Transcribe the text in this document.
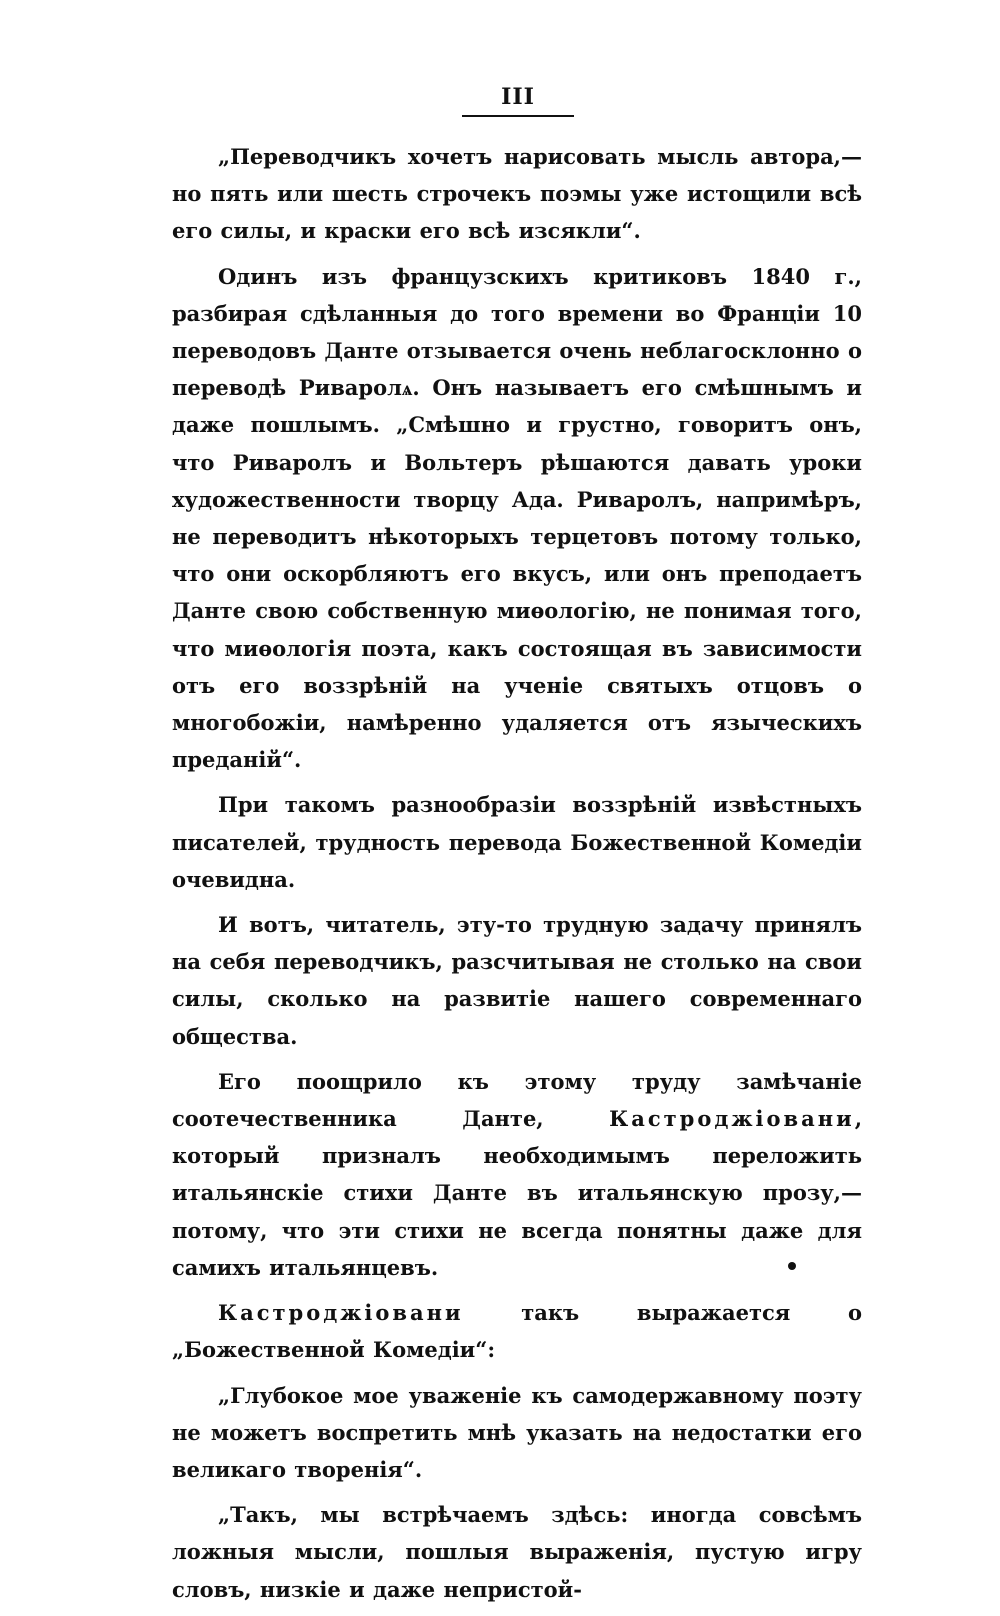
III

„Переводчикъ хочетъ нарисовать мысль автора,—но пять или шесть строчекъ поэмы уже истощили всѣ его силы, и краски его всѣ изсякли“.

Одинъ изъ французскихъ критиковъ 1840 г., разбирая сдѣланныя до того времени во Франціи 10 переводовъ Данте отзывается очень неблагосклонно о переводѣ Риваролѧ. Онъ называетъ его смѣшнымъ и даже пошлымъ. „Смѣшно и грустно, говоритъ онъ, что Риваролъ и Вольтеръ рѣшаются давать уроки художественности творцу Ада. Риваролъ, напримѣръ, не переводитъ нѣкоторыхъ терцетовъ потому только, что они оскорбляютъ его вкусъ, или онъ преподаетъ Данте свою собственную миѳологію, не понимая того, что миѳологія поэта, какъ состоящая въ зависимости отъ его воззрѣній на ученіе святыхъ отцовъ о многобожіи, намѣренно удаляется отъ языческихъ преданій“.

При такомъ разнообразіи воззрѣній извѣстныхъ писателей, трудность перевода Божественной Комедіи очевидна.

И вотъ, читатель, эту-то трудную задачу принялъ на себя переводчикъ, разсчитывая не столько на свои силы, сколько на развитіе нашего современнаго общества.

Его поощрило къ этому труду замѣчаніе соотечественника Данте, Кастроджіовани, который призналъ необходимымъ переложить итальянскіе стихи Данте въ итальянскую прозу,—потому, что эти стихи не всегда понятны даже для самихъ итальянцевъ.

Кастроджіовани такъ выражается о „Божественной Комедіи“:

„Глубокое мое уваженіе къ самодержавному поэту не можетъ воспретить мнѣ указать на недостатки его великаго творенія“.

„Такъ, мы встрѣчаемъ здѣсь: иногда совсѣмъ ложныя мысли, пошлыя выраженія, пустую игру словъ, низкіе и даже непристой-
